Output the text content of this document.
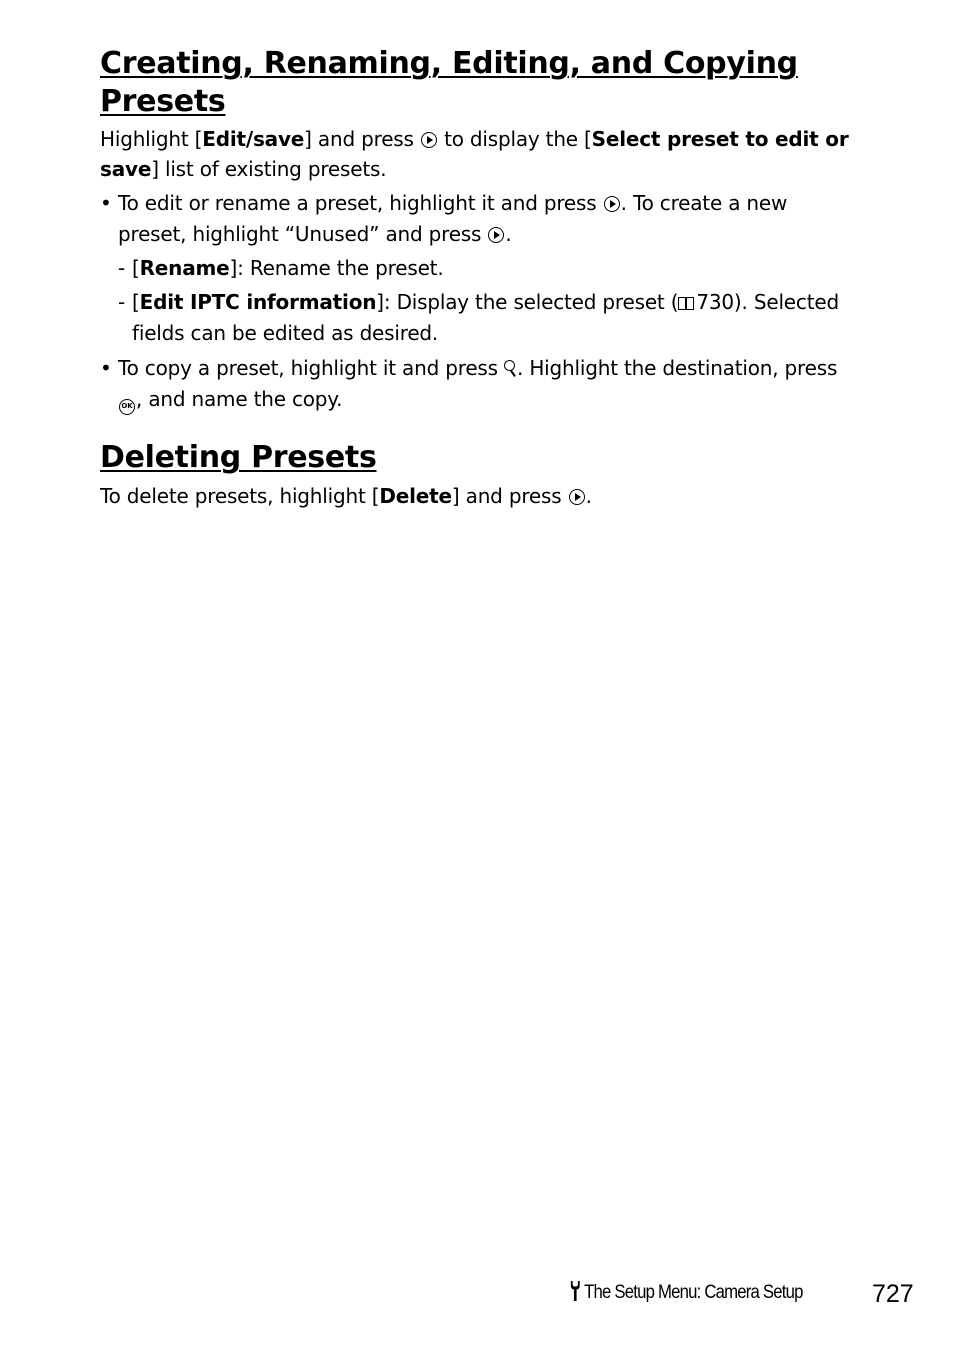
Creating, Renaming, Editing, and Copying
Presets

Highlight [Edit/save] and press  to display the [Select preset to edit or save] list of existing presets.

• To edit or rename a preset, highlight it and press . To create a new preset, highlight “Unused” and press .
- [Rename]: Rename the preset.
- [Edit IPTC information]: Display the selected preset ( 730). Selected fields can be edited as desired.
• To copy a preset, highlight it and press . Highlight the destination, press OK , and name the copy.
Deleting Presets

To delete presets, highlight [Delete] and press .

The Setup Menu: Camera Setup	727
